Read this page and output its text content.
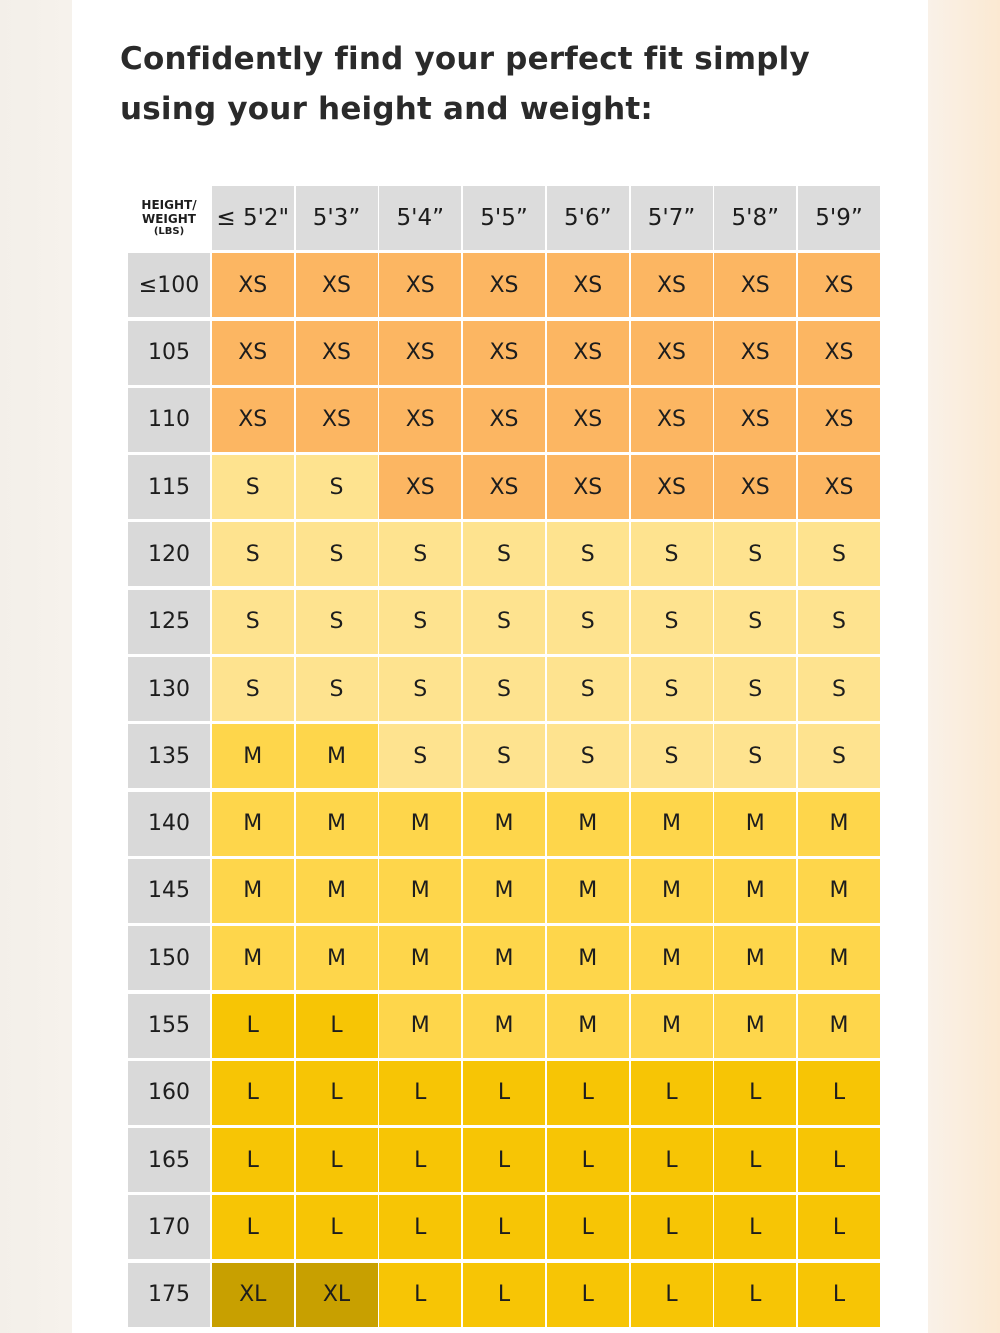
Confidently find your perfect fit simply
using your height and weight:
HEIGHT/
WEIGHT
(LBS)
≤ 5'2"	5'3”	5'4”	5'5”	5'6”	5'7”	5'8”	5'9”
≤100	XS	XS	XS	XS	XS	XS	XS	XS
105	XS	XS	XS	XS	XS	XS	XS	XS
110	XS	XS	XS	XS	XS	XS	XS	XS
115	S	S	XS	XS	XS	XS	XS	XS
120	S	S	S	S	S	S	S	S
125	S	S	S	S	S	S	S	S
130	S	S	S	S	S	S	S	S
135	M	M	S	S	S	S	S	S
140	M	M	M	M	M	M	M	M
145	M	M	M	M	M	M	M	M
150	M	M	M	M	M	M	M	M
155	L	L	M	M	M	M	M	M
160	L	L	L	L	L	L	L	L
165	L	L	L	L	L	L	L	L
170	L	L	L	L	L	L	L	L
175	XL	XL	L	L	L	L	L	L
